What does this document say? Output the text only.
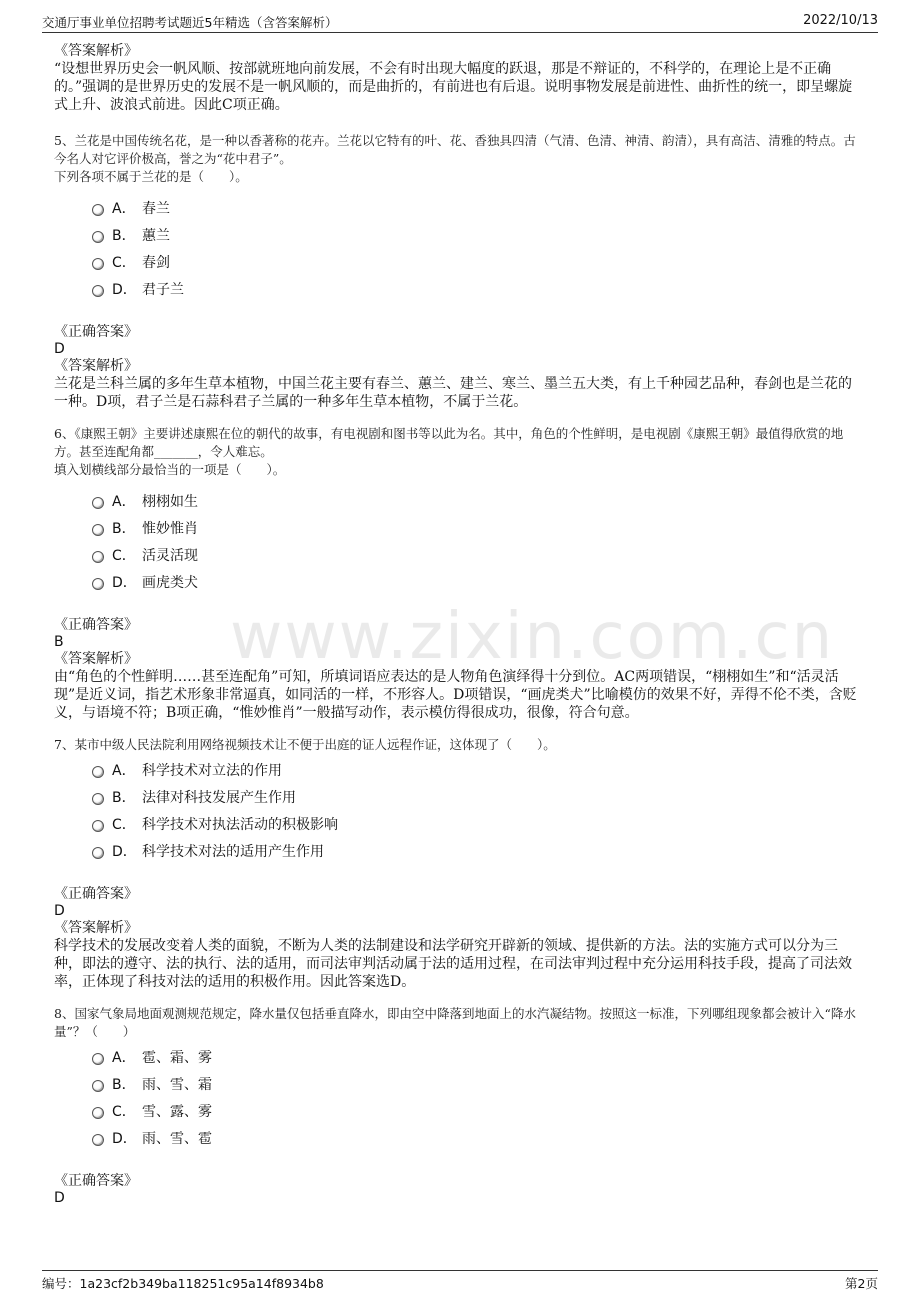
交通厅事业单位招聘考试题近5年精选（含答案解析）	2022/10/13
www.zixin.com.cn
《答案解析》
“设想世界历史会一帆风顺、按部就班地向前发展，不会有时出现大幅度的跃退，那是不辩证的，不科学的，在理论上是不正确的。”强调的是世界历史的发展不是一帆风顺的，而是曲折的，有前进也有后退。说明事物发展是前进性、曲折性的统一，即呈螺旋式上升、波浪式前进。因此C项正确。
5、兰花是中国传统名花，是一种以香著称的花卉。兰花以它特有的叶、花、香独具四清（气清、色清、神清、韵清），具有高洁、清雅的特点。古今名人对它评价极高，誉之为“花中君子”。
下列各项不属于兰花的是（　　）。
A． 春兰
B． 蕙兰
C． 春剑
D． 君子兰
《正确答案》
D
《答案解析》
兰花是兰科兰属的多年生草本植物，中国兰花主要有春兰、蕙兰、建兰、寒兰、墨兰五大类，有上千种园艺品种，春剑也是兰花的一种。D项，君子兰是石蒜科君子兰属的一种多年生草本植物，不属于兰花。
6、《康熙王朝》主要讲述康熙在位的朝代的故事，有电视剧和图书等以此为名。其中，角色的个性鲜明，是电视剧《康熙王朝》最值得欣赏的地方。甚至连配角都_______，令人难忘。
填入划横线部分最恰当的一项是（　　）。
A． 栩栩如生
B． 惟妙惟肖
C． 活灵活现
D． 画虎类犬
《正确答案》
B
《答案解析》
由“角色的个性鲜明……甚至连配角”可知，所填词语应表达的是人物角色演绎得十分到位。AC两项错误，“栩栩如生”和“活灵活现”是近义词，指艺术形象非常逼真，如同活的一样，不形容人。D项错误，“画虎类犬”比喻模仿的效果不好，弄得不伦不类，含贬义，与语境不符；B项正确，“惟妙惟肖”一般描写动作，表示模仿得很成功，很像，符合句意。
7、某市中级人民法院利用网络视频技术让不便于出庭的证人远程作证，这体现了（　　）。
A． 科学技术对立法的作用
B． 法律对科技发展产生作用
C． 科学技术对执法活动的积极影响
D． 科学技术对法的适用产生作用
《正确答案》
D
《答案解析》
科学技术的发展改变着人类的面貌，不断为人类的法制建设和法学研究开辟新的领域、提供新的方法。法的实施方式可以分为三种，即法的遵守、法的执行、法的适用，而司法审判活动属于法的适用过程，在司法审判过程中充分运用科技手段，提高了司法效率，正体现了科技对法的适用的积极作用。因此答案选D。
8、国家气象局地面观测规范规定，降水量仅包括垂直降水，即由空中降落到地面上的水汽凝结物。按照这一标准，下列哪组现象都会被计入“降水量”？（　　）
A． 雹、霜、雾
B． 雨、雪、霜
C． 雪、露、雾
D． 雨、雪、雹
《正确答案》
D
编号：1a23cf2b349ba118251c95a14f8934b8	第2页
